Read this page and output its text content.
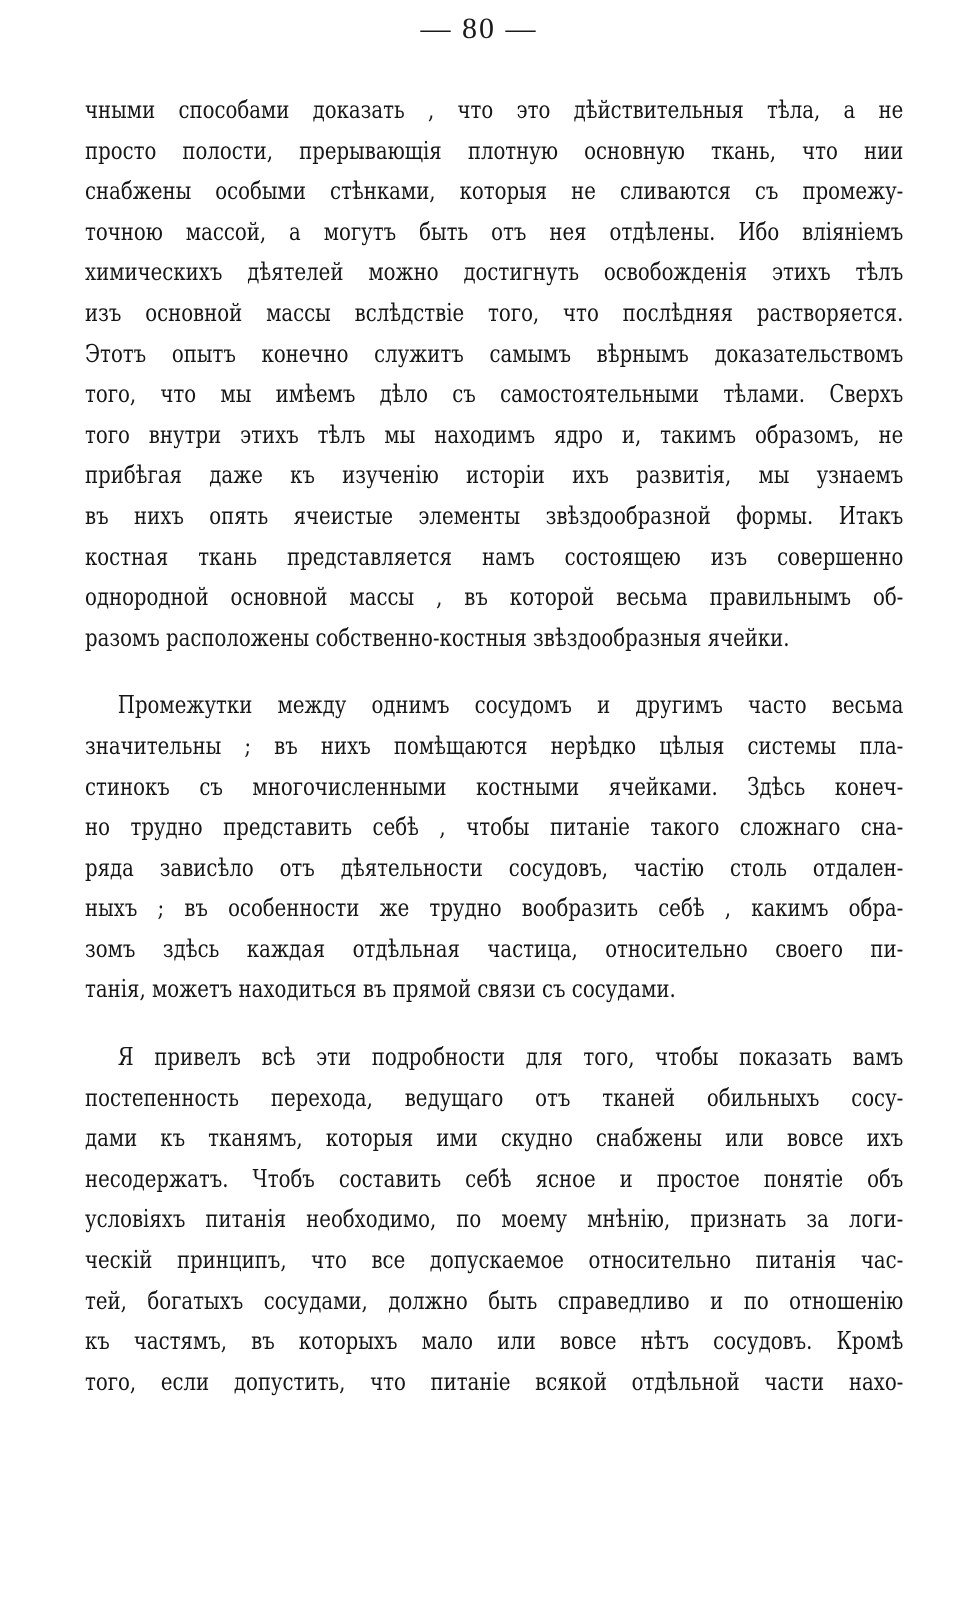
— 80 —
чными способами доказать , что это дѣйствительныя тѣла, а не
просто полости, прерывающія плотную основную ткань, что нии
снабжены особыми стѣнками, которыя не сливаются съ промежу-
точною массой, а могутъ быть отъ нея отдѣлены. Ибо вліяніемъ
химическихъ дѣятелей можно достигнуть освобожденія этихъ тѣлъ
изъ основной массы вслѣдствіе того, что послѣдняя растворяется.
Этотъ опытъ конечно служитъ самымъ вѣрнымъ доказательствомъ
того, что мы имѣемъ дѣло съ самостоятельными тѣлами. Сверхъ
того внутри этихъ тѣлъ мы находимъ ядро и, такимъ образомъ, не
прибѣгая даже къ изученію исторіи ихъ развитія, мы узнаемъ
въ нихъ опять ячеистые элементы звѣздообразной формы. Итакъ
костная ткань представляется намъ состоящею изъ совершенно
однородной основной массы , въ которой весьма правильнымъ об-
разомъ расположены собственно-костныя звѣздообразныя ячейки.
Промежутки между однимъ сосудомъ и другимъ часто весьма
значительны ; въ нихъ помѣщаются нерѣдко цѣлыя системы пла-
стинокъ съ многочисленными костными ячейками. Здѣсь конеч-
но трудно представить себѣ , чтобы питаніе такого сложнаго сна-
ряда зависѣло отъ дѣятельности сосудовъ, частію столь отдален-
ныхъ ; въ особенности же трудно вообразить себѣ , какимъ обра-
зомъ здѣсь каждая отдѣльная частица, относительно своего пи-
танія, можетъ находиться въ прямой связи съ сосудами.
Я привелъ всѣ эти подробности для того, чтобы показать вамъ
постепенность перехода, ведущаго отъ тканей обильныхъ сосу-
дами къ тканямъ, которыя ими скудно снабжены или вовсе ихъ
несодержатъ. Чтобъ составить себѣ ясное и простое понятіе объ
условіяхъ питанія необходимо, по моему мнѣнію, признать за логи-
ческій принципъ, что все допускаемое относительно питанія час-
тей, богатыхъ сосудами, должно быть справедливо и по отношенію
къ частямъ, въ которыхъ мало или вовсе нѣтъ сосудовъ. Кромѣ
того, если допустить, что питаніе всякой отдѣльной части нахо-
